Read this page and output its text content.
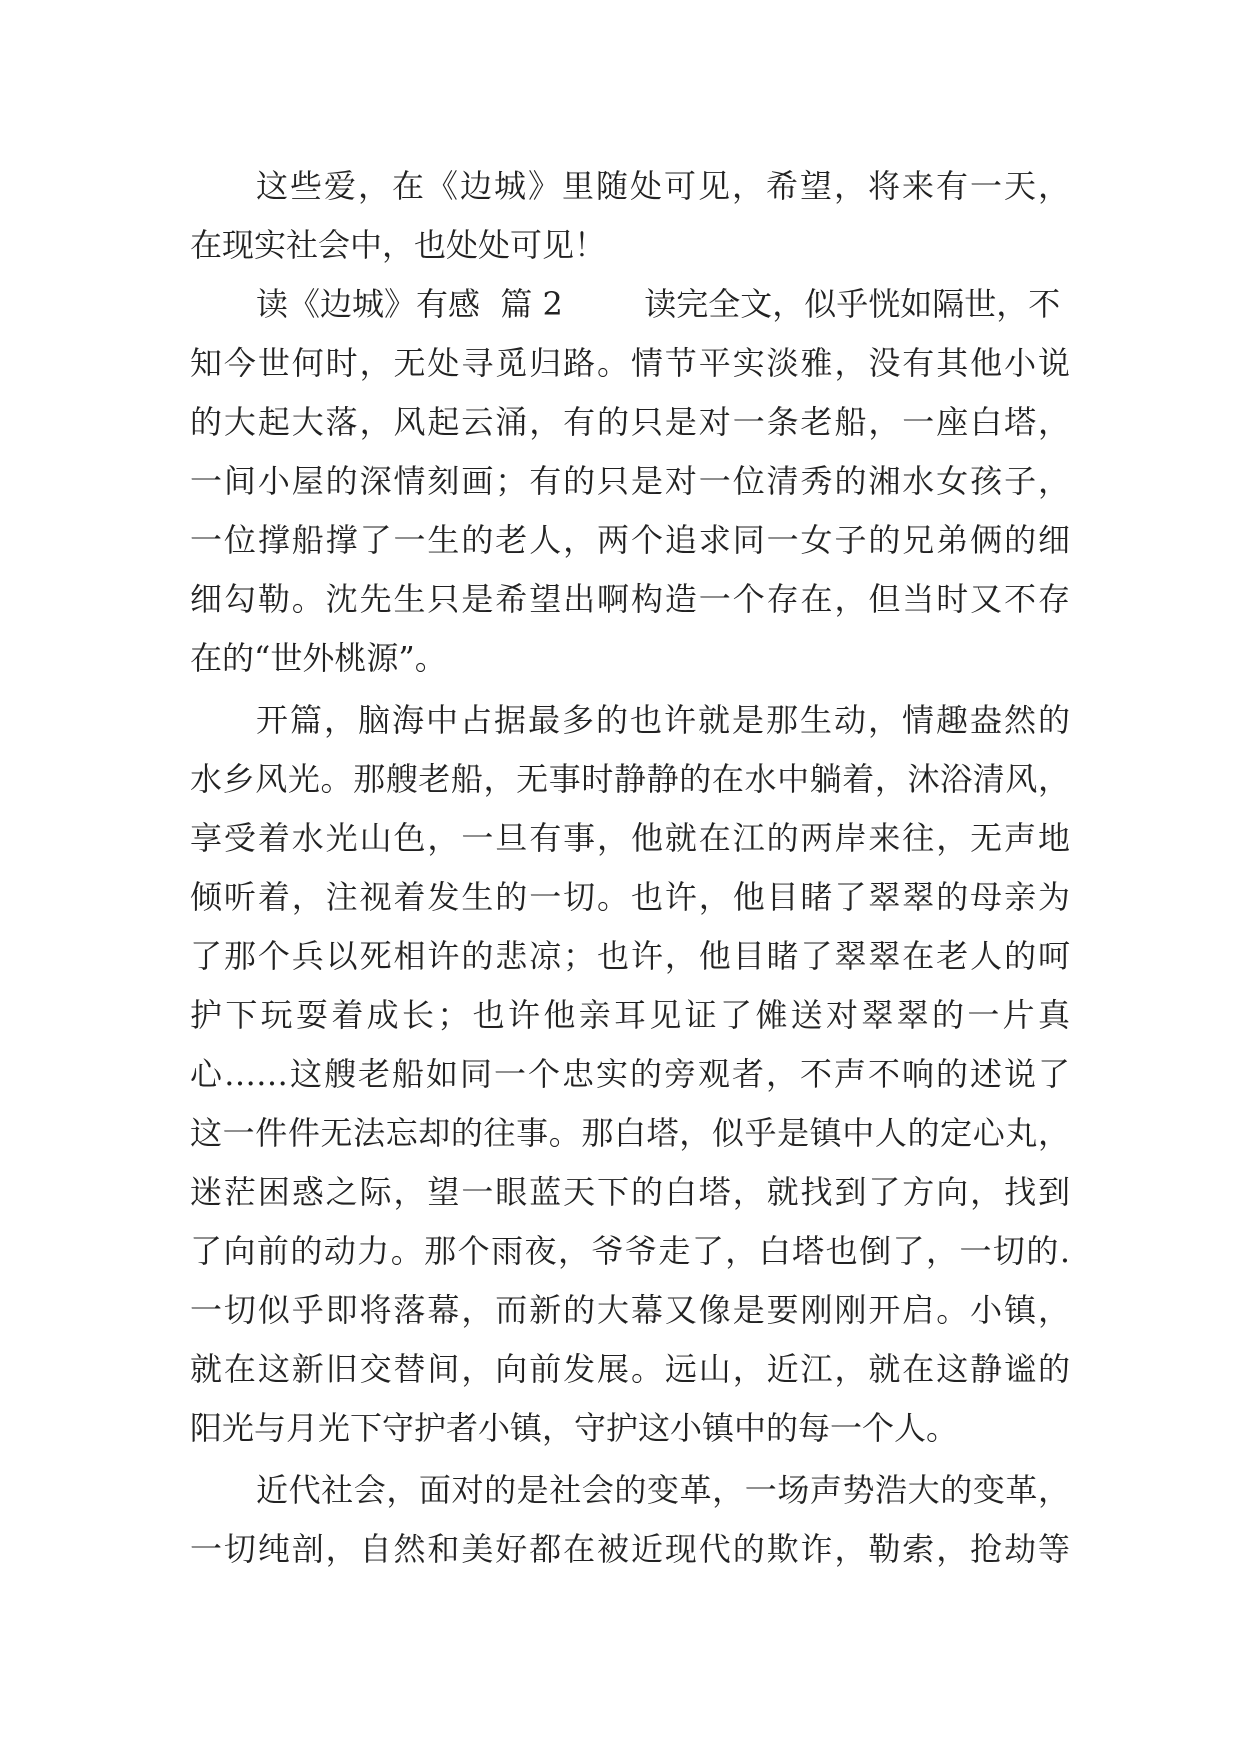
这些爱，在《边城》里随处可见，希望，将来有一天，
在现实社会中，也处处可见！
读《边城》有感  篇 2        读完全文，似乎恍如隔世，不
知今世何时，无处寻觅归路。情节平实淡雅，没有其他小说
的大起大落，风起云涌，有的只是对一条老船，一座白塔，
一间小屋的深情刻画；有的只是对一位清秀的湘水女孩子，
一位撑船撑了一生的老人，两个追求同一女子的兄弟俩的细
细勾勒。沈先生只是希望出啊构造一个存在，但当时又不存
在的“世外桃源”。
开篇，脑海中占据最多的也许就是那生动，情趣盎然的
水乡风光。那艘老船，无事时静静的在水中躺着，沐浴清风，
享受着水光山色，一旦有事，他就在江的两岸来往，无声地
倾听着，注视着发生的一切。也许，他目睹了翠翠的母亲为
了那个兵以死相许的悲凉；也许，他目睹了翠翠在老人的呵
护下玩耍着成长；也许他亲耳见证了傩送对翠翠的一片真
心……这艘老船如同一个忠实的旁观者，不声不响的述说了
这一件件无法忘却的往事。那白塔，似乎是镇中人的定心丸，
迷茫困惑之际，望一眼蓝天下的白塔，就找到了方向，找到
了向前的动力。那个雨夜，爷爷走了，白塔也倒了，一切的.
一切似乎即将落幕，而新的大幕又像是要刚刚开启。小镇，
就在这新旧交替间，向前发展。远山，近江，就在这静谧的
阳光与月光下守护者小镇，守护这小镇中的每一个人。
近代社会，面对的是社会的变革，一场声势浩大的变革，
一切纯剖，自然和美好都在被近现代的欺诈，勒索，抢劫等
